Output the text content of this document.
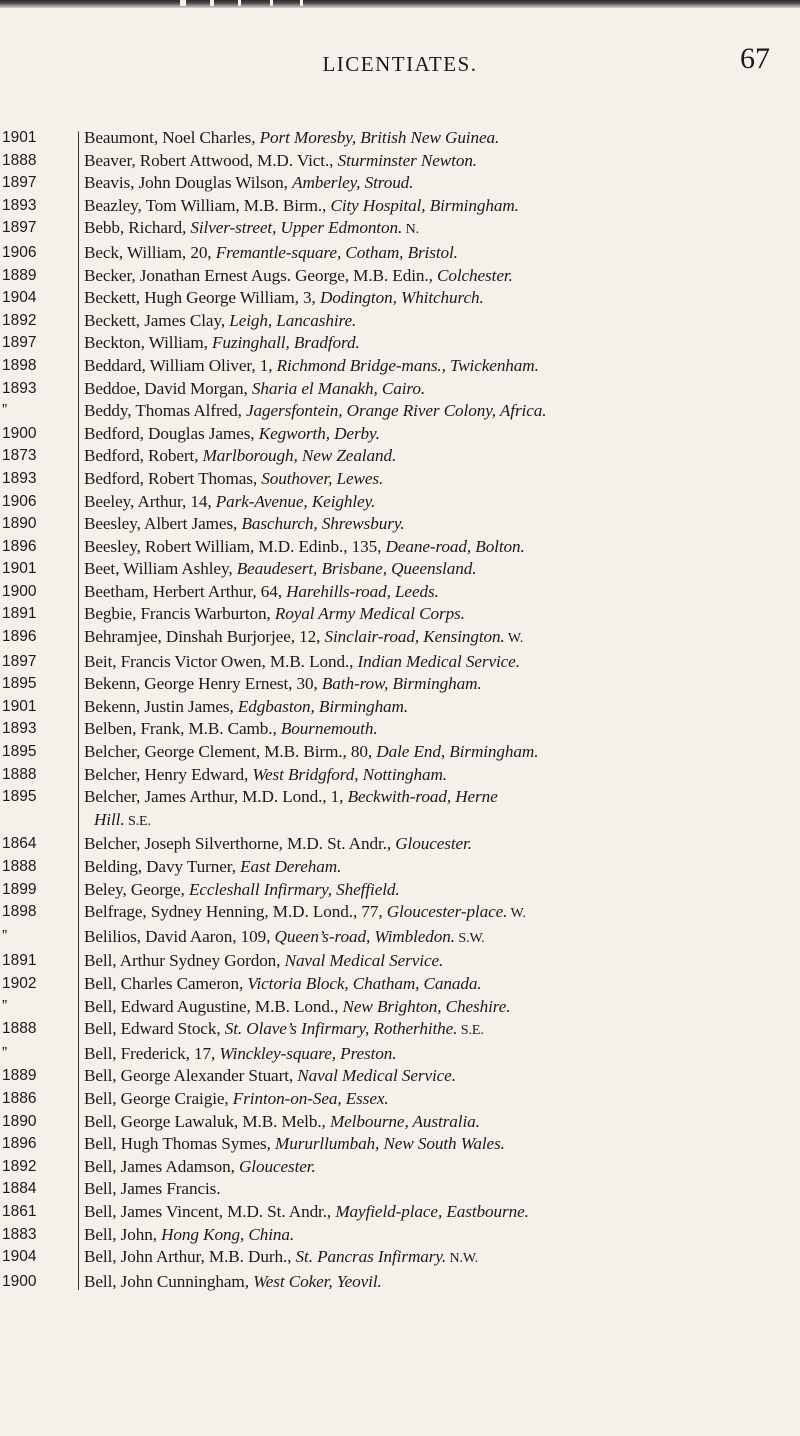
LICENTIATES.	67
1901	Beaumont, Noel Charles, Port Moresby, British New Guinea.
1888	Beaver, Robert Attwood, M.D. Vict., Sturminster Newton.
1897	Beavis, John Douglas Wilson, Amberley, Stroud.
1893	Beazley, Tom William, M.B. Birm., City Hospital, Birmingham.
1897	Bebb, Richard, Silver-street, Upper Edmonton. N.
1906	Beck, William, 20, Fremantle-square, Cotham, Bristol.
1889	Becker, Jonathan Ernest Augs. George, M.B. Edin., Colchester.
1904	Beckett, Hugh George William, 3, Dodington, Whitchurch.
1892	Beckett, James Clay, Leigh, Lancashire.
1897	Beckton, William, Fuzinghall, Bradford.
1898	Beddard, William Oliver, 1, Richmond Bridge-mans., Twickenham.
1893	Beddoe, David Morgan, Sharia el Manakh, Cairo.
”	Beddy, Thomas Alfred, Jagersfontein, Orange River Colony, Africa.
1900	Bedford, Douglas James, Kegworth, Derby.
1873	Bedford, Robert, Marlborough, New Zealand.
1893	Bedford, Robert Thomas, Southover, Lewes.
1906	Beeley, Arthur, 14, Park-Avenue, Keighley.
1890	Beesley, Albert James, Baschurch, Shrewsbury.
1896	Beesley, Robert William, M.D. Edinb., 135, Deane-road, Bolton.
1901	Beet, William Ashley, Beaudesert, Brisbane, Queensland.
1900	Beetham, Herbert Arthur, 64, Harehills-road, Leeds.
1891	Begbie, Francis Warburton, Royal Army Medical Corps.
1896	Behramjee, Dinshah Burjorjee, 12, Sinclair-road, Kensington. W.
1897	Beit, Francis Victor Owen, M.B. Lond., Indian Medical Service.
1895	Bekenn, George Henry Ernest, 30, Bath-row, Birmingham.
1901	Bekenn, Justin James, Edgbaston, Birmingham.
1893	Belben, Frank, M.B. Camb., Bournemouth.
1895	Belcher, George Clement, M.B. Birm., 80, Dale End, Birmingham.
1888	Belcher, Henry Edward, West Bridgford, Nottingham.
1895	Belcher, James Arthur, M.D. Lond., 1, Beckwith-road, Herne
Hill. S.E.
1864	Belcher, Joseph Silverthorne, M.D. St. Andr., Gloucester.
1888	Belding, Davy Turner, East Dereham.
1899	Beley, George, Eccleshall Infirmary, Sheffield.
1898	Belfrage, Sydney Henning, M.D. Lond., 77, Gloucester-place. W.
”	Belilios, David Aaron, 109, Queen’s-road, Wimbledon. S.W.
1891	Bell, Arthur Sydney Gordon, Naval Medical Service.
1902	Bell, Charles Cameron, Victoria Block, Chatham, Canada.
”	Bell, Edward Augustine, M.B. Lond., New Brighton, Cheshire.
1888	Bell, Edward Stock, St. Olave’s Infirmary, Rotherhithe. S.E.
”	Bell, Frederick, 17, Winckley-square, Preston.
1889	Bell, George Alexander Stuart, Naval Medical Service.
1886	Bell, George Craigie, Frinton-on-Sea, Essex.
1890	Bell, George Lawaluk, M.B. Melb., Melbourne, Australia.
1896	Bell, Hugh Thomas Symes, Mururllumbah, New South Wales.
1892	Bell, James Adamson, Gloucester.
1884	Bell, James Francis.
1861	Bell, James Vincent, M.D. St. Andr., Mayfield-place, Eastbourne.
1883	Bell, John, Hong Kong, China.
1904	Bell, John Arthur, M.B. Durh., St. Pancras Infirmary. N.W.
1900	Bell, John Cunningham, West Coker, Yeovil.
